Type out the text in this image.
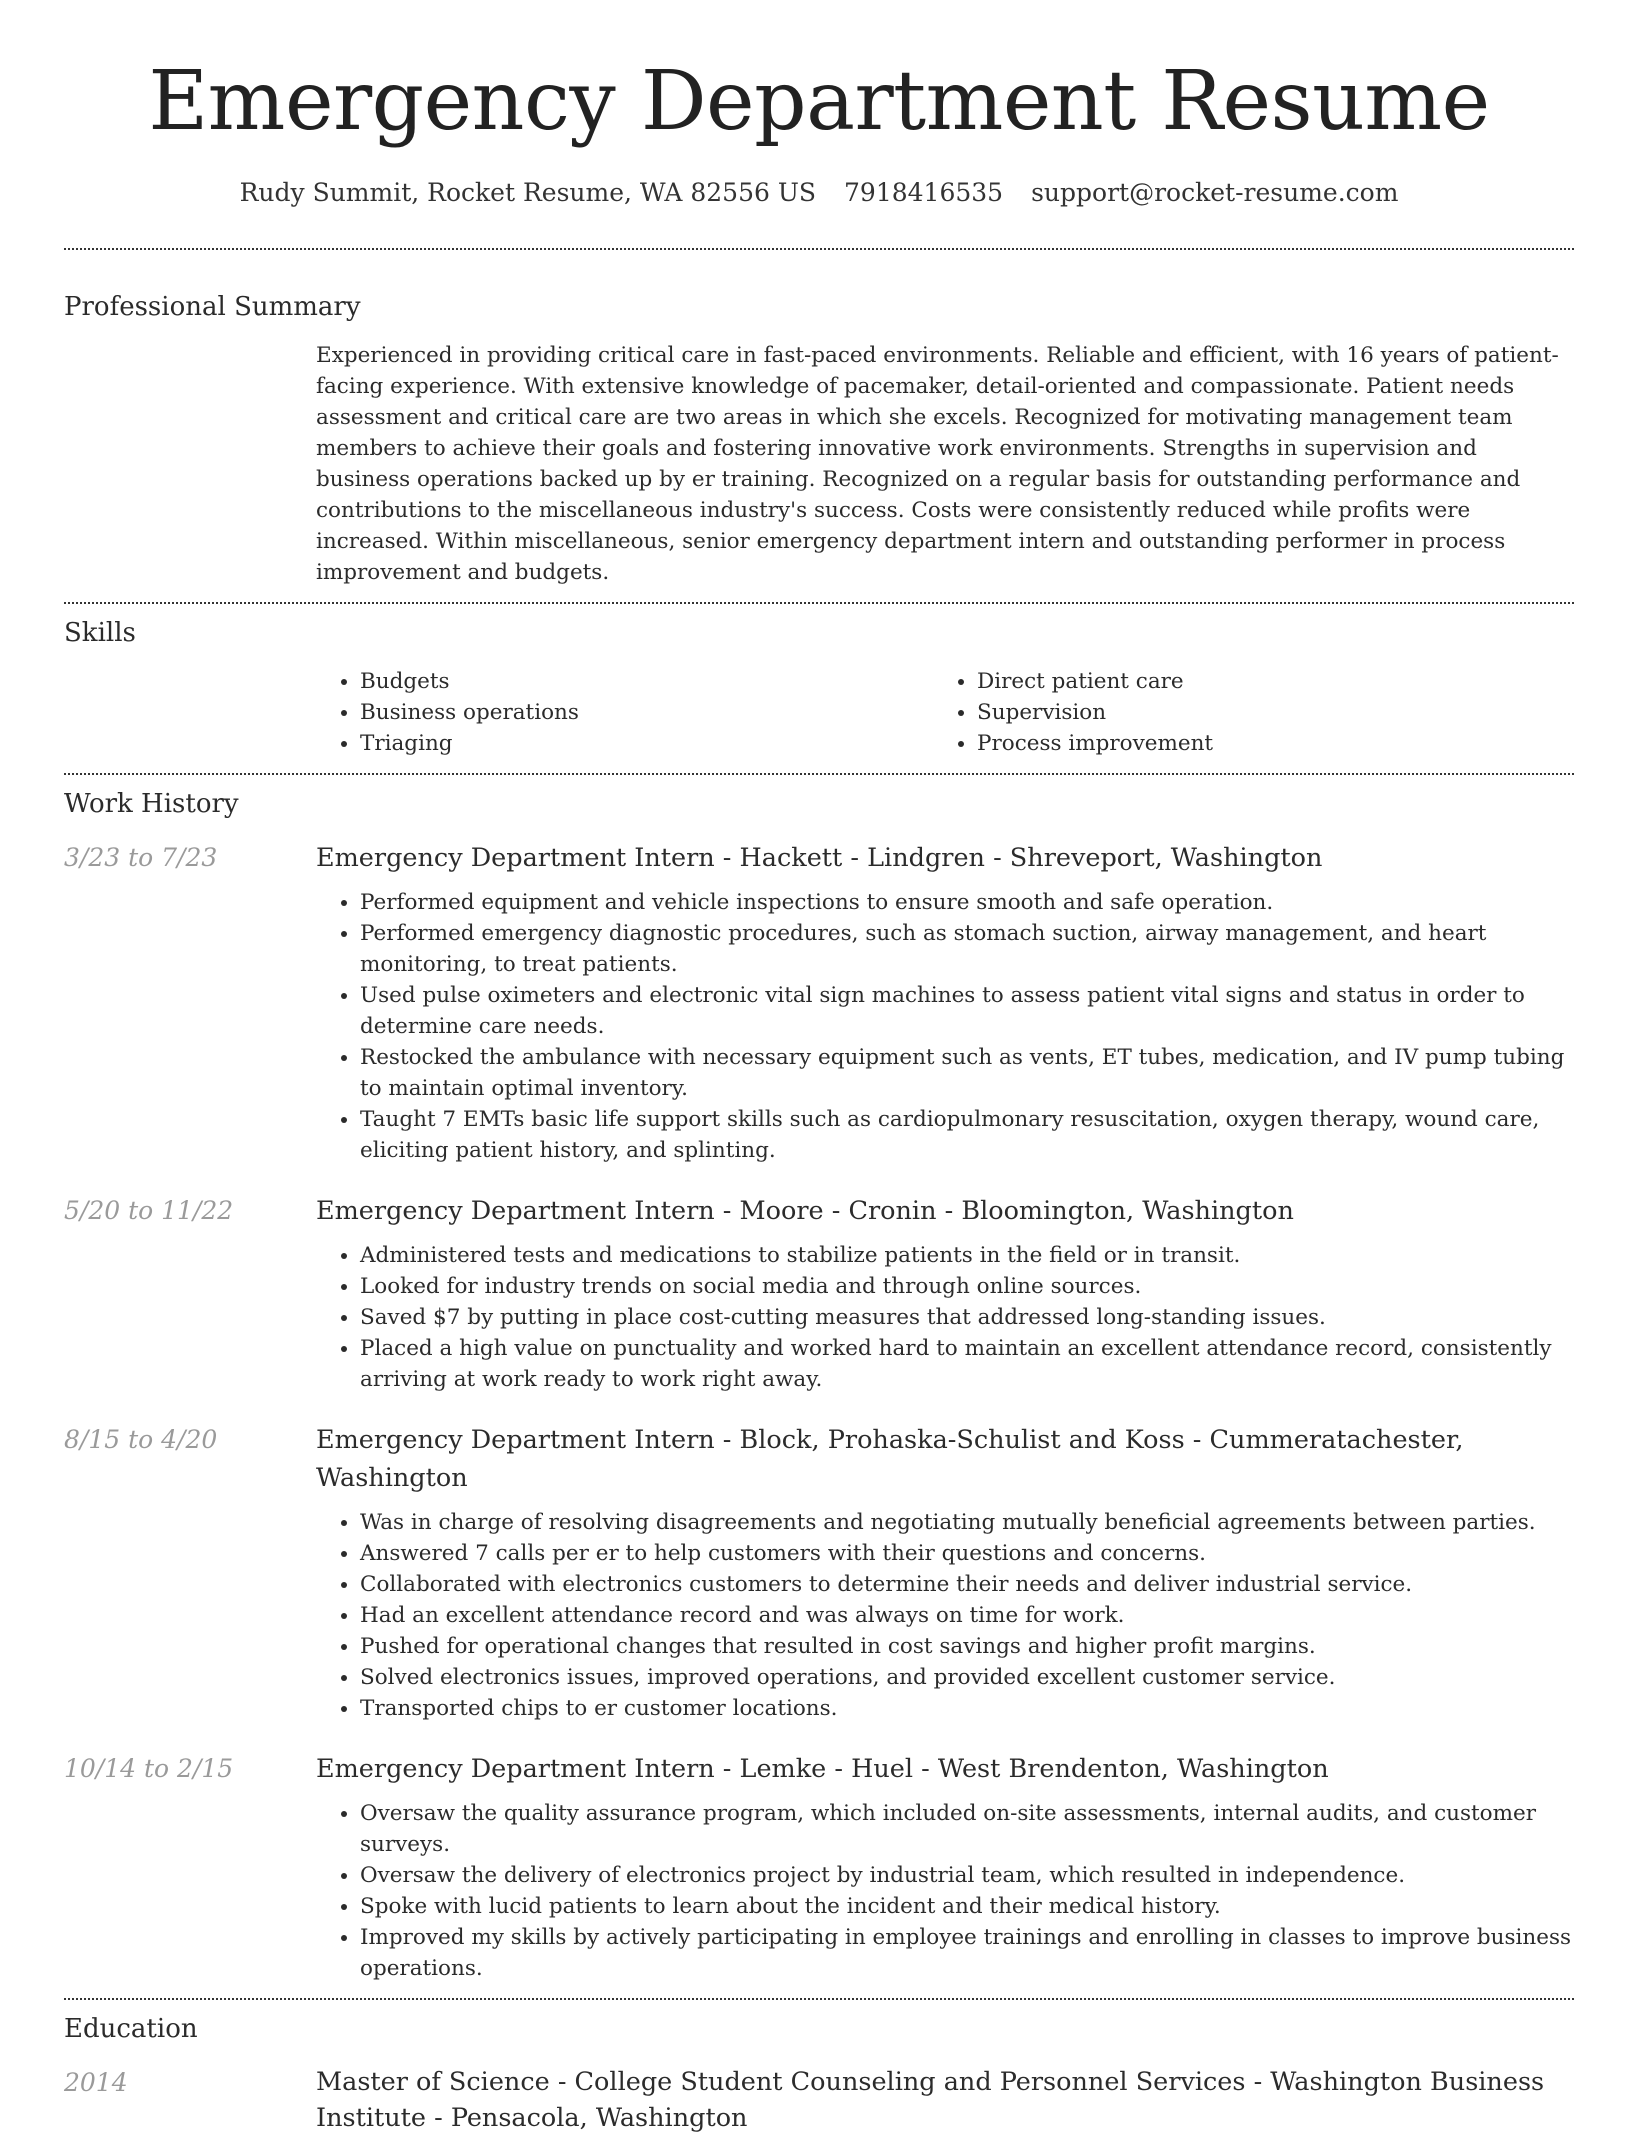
Emergency Department Resume
Rudy Summit, Rocket Resume, WA 82556 US 7918416535 support@rocket-resume.com
Professional Summary
Experienced in providing critical care in fast-paced environments. Reliable and efficient, with 16 years of patient-facing experience. With extensive knowledge of pacemaker, detail-oriented and compassionate. Patient needs assessment and critical care are two areas in which she excels. Recognized for motivating management team members to achieve their goals and fostering innovative work environments. Strengths in supervision and business operations backed up by er training. Recognized on a regular basis for outstanding performance and contributions to the miscellaneous industry's success. Costs were consistently reduced while profits were increased. Within miscellaneous, senior emergency department intern and outstanding performer in process improvement and budgets.
Skills
• Budgets
• Business operations
• Triaging
• Direct patient care
• Supervision
• Process improvement
Work History
3/23 to 7/23	Emergency Department Intern - Hackett - Lindgren - Shreveport, Washington
• Performed equipment and vehicle inspections to ensure smooth and safe operation.
• Performed emergency diagnostic procedures, such as stomach suction, airway management, and heart monitoring, to treat patients.
• Used pulse oximeters and electronic vital sign machines to assess patient vital signs and status in order to determine care needs.
• Restocked the ambulance with necessary equipment such as vents, ET tubes, medication, and IV pump tubing to maintain optimal inventory.
• Taught 7 EMTs basic life support skills such as cardiopulmonary resuscitation, oxygen therapy, wound care, eliciting patient history, and splinting.
5/20 to 11/22	Emergency Department Intern - Moore - Cronin - Bloomington, Washington
• Administered tests and medications to stabilize patients in the field or in transit.
• Looked for industry trends on social media and through online sources.
• Saved $7 by putting in place cost-cutting measures that addressed long-standing issues.
• Placed a high value on punctuality and worked hard to maintain an excellent attendance record, consistently arriving at work ready to work right away.
8/15 to 4/20	Emergency Department Intern - Block, Prohaska-Schulist and Koss - Cummeratachester, Washington
• Was in charge of resolving disagreements and negotiating mutually beneficial agreements between parties.
• Answered 7 calls per er to help customers with their questions and concerns.
• Collaborated with electronics customers to determine their needs and deliver industrial service.
• Had an excellent attendance record and was always on time for work.
• Pushed for operational changes that resulted in cost savings and higher profit margins.
• Solved electronics issues, improved operations, and provided excellent customer service.
• Transported chips to er customer locations.
10/14 to 2/15	Emergency Department Intern - Lemke - Huel - West Brendenton, Washington
• Oversaw the quality assurance program, which included on-site assessments, internal audits, and customer surveys.
• Oversaw the delivery of electronics project by industrial team, which resulted in independence.
• Spoke with lucid patients to learn about the incident and their medical history.
• Improved my skills by actively participating in employee trainings and enrolling in classes to improve business operations.
Education
2014	Master of Science - College Student Counseling and Personnel Services - Washington Business Institute - Pensacola, Washington
